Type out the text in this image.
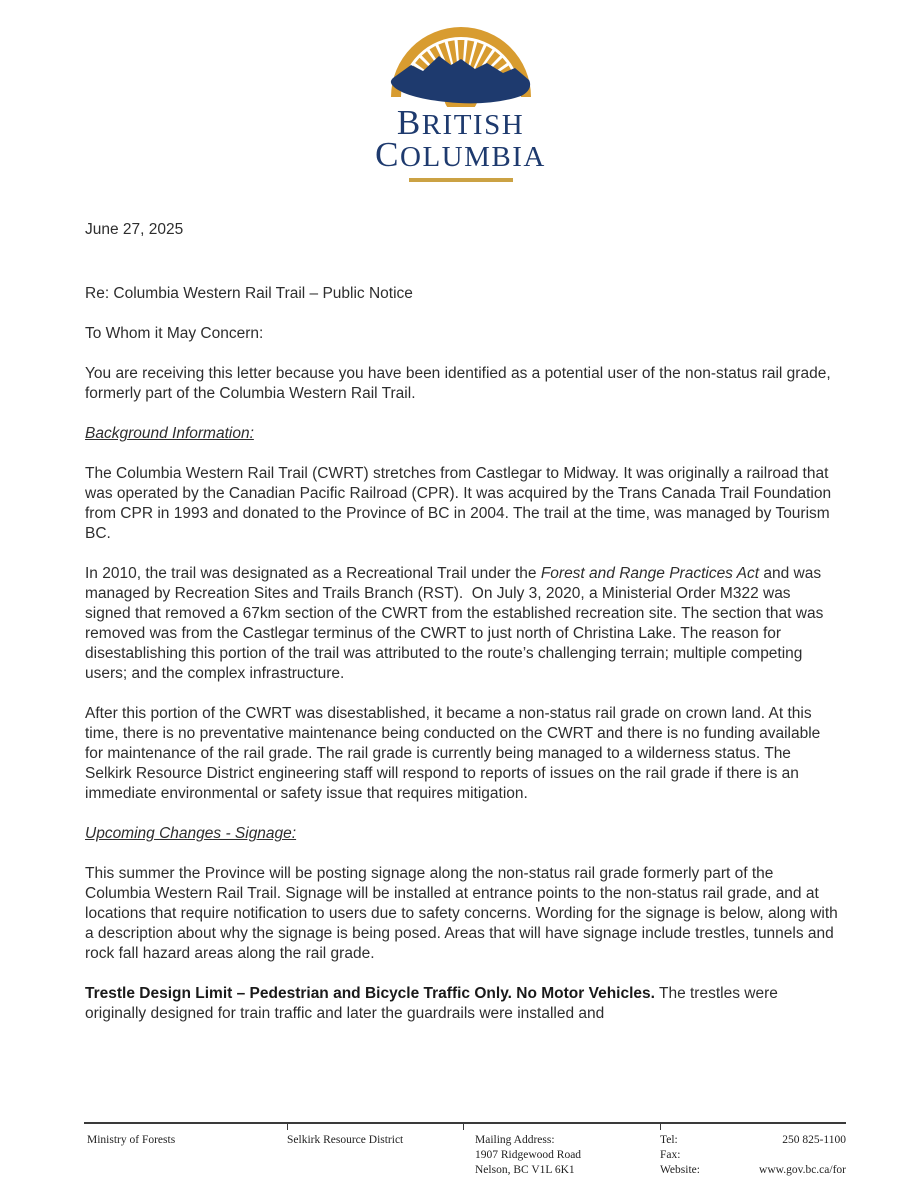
BRITISH
COLUMBIA

June 27, 2025

Re: Columbia Western Rail Trail – Public Notice

To Whom it May Concern:

You are receiving this letter because you have been identified as a potential user of the non-status rail grade, formerly part of the Columbia Western Rail Trail.

Background Information:

The Columbia Western Rail Trail (CWRT) stretches from Castlegar to Midway. It was originally a railroad that was operated by the Canadian Pacific Railroad (CPR). It was acquired by the Trans Canada Trail Foundation from CPR in 1993 and donated to the Province of BC in 2004. The trail at the time, was managed by Tourism BC.

In 2010, the trail was designated as a Recreational Trail under the Forest and Range Practices Act and was managed by Recreation Sites and Trails Branch (RST).  On July 3, 2020, a Ministerial Order M322 was signed that removed a 67km section of the CWRT from the established recreation site. The section that was removed was from the Castlegar terminus of the CWRT to just north of Christina Lake. The reason for disestablishing this portion of the trail was attributed to the route’s challenging terrain; multiple competing users; and the complex infrastructure.

After this portion of the CWRT was disestablished, it became a non-status rail grade on crown land. At this time, there is no preventative maintenance being conducted on the CWRT and there is no funding available for maintenance of the rail grade. The rail grade is currently being managed to a wilderness status. The Selkirk Resource District engineering staff will respond to reports of issues on the rail grade if there is an immediate environmental or safety issue that requires mitigation.

Upcoming Changes - Signage:

This summer the Province will be posting signage along the non-status rail grade formerly part of the Columbia Western Rail Trail. Signage will be installed at entrance points to the non-status rail grade, and at locations that require notification to users due to safety concerns. Wording for the signage is below, along with a description about why the signage is being posed. Areas that will have signage include trestles, tunnels and rock fall hazard areas along the rail grade.

Trestle Design Limit – Pedestrian and Bicycle Traffic Only. No Motor Vehicles. The trestles were originally designed for train traffic and later the guardrails were installed and

Ministry of Forests	Selkirk Resource District	Mailing Address:
1907 Ridgewood Road
Nelson, BC V1L 6K1
Tel:	250 825-1100
Fax:
Website:	www.gov.bc.ca/for
